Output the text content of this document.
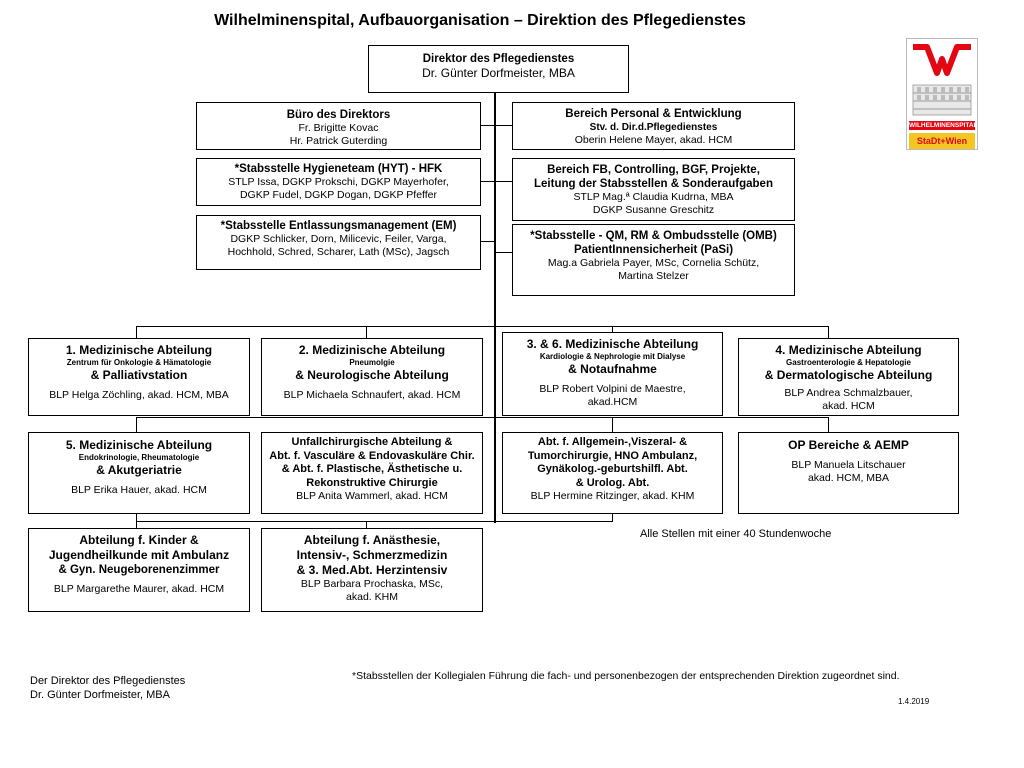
Wilhelminenspital, Aufbauorganisation – Direktion des Pflegedienstes
WILHELMINENSPITAL
StaDt+Wien
Direktor des Pflegedienstes
Dr. Günter Dorfmeister, MBA
Büro des Direktors
Fr. Brigitte Kovac
Hr. Patrick Guterding
*Stabsstelle Hygieneteam (HYT) - HFK
STLP Issa, DGKP Prokschi, DGKP Mayerhofer,
DGKP Fudel, DGKP Dogan, DGKP Pfeffer
*Stabsstelle Entlassungsmanagement (EM)
DGKP Schlicker, Dorn, Milicevic, Feiler, Varga,
Hochhold, Schred, Scharer, Lath (MSc), Jagsch
Bereich Personal & Entwicklung
Stv. d. Dir.d.Pflegedienstes
Oberin Helene Mayer, akad. HCM
Bereich FB, Controlling, BGF, Projekte,
Leitung der Stabsstellen & Sonderaufgaben
STLP Mag.ª Claudia Kudrna, MBA
DGKP Susanne Greschitz
*Stabsstelle - QM, RM & Ombudsstelle (OMB)
PatientInnensicherheit (PaSi)
Mag.a Gabriela Payer, MSc, Cornelia Schütz,
Martina Stelzer
1. Medizinische Abteilung
Zentrum für Onkologie & Hämatologie
& Palliativstation
BLP Helga Zöchling, akad. HCM, MBA
2. Medizinische Abteilung
Pneumolgie
& Neurologische Abteilung
BLP Michaela Schnaufert, akad. HCM
3. & 6. Medizinische Abteilung
Kardiologie & Nephrologie mit Dialyse
& Notaufnahme
BLP Robert Volpini de Maestre,
akad.HCM
4. Medizinische Abteilung
Gastroenterologie & Hepatologie
& Dermatologische Abteilung
BLP Andrea Schmalzbauer,
akad. HCM
5. Medizinische Abteilung
Endokrinologie, Rheumatologie
& Akutgeriatrie
BLP Erika Hauer, akad. HCM
Unfallchirurgische Abteilung &
Abt. f. Vasculäre & Endovaskuläre Chir.
& Abt. f. Plastische, Ästhetische u.
Rekonstruktive Chirurgie
BLP Anita Wammerl, akad. HCM
Abt. f. Allgemein-,Viszeral- &
Tumorchirurgie, HNO Ambulanz,
Gynäkolog.-geburtshilfl. Abt.
& Urolog. Abt.
BLP Hermine Ritzinger, akad. KHM
OP Bereiche & AEMP
BLP Manuela Litschauer
akad. HCM, MBA
Abteilung f. Kinder &
Jugendheilkunde mit Ambulanz
& Gyn. Neugeborenenzimmer
BLP Margarethe Maurer, akad. HCM
Abteilung f. Anästhesie,
Intensiv-, Schmerzmedizin
& 3. Med.Abt. Herzintensiv
BLP Barbara Prochaska, MSc,
akad. KHM
Alle Stellen mit einer 40 Stundenwoche
Der Direktor des Pflegedienstes
Dr. Günter Dorfmeister, MBA
*Stabsstellen der Kollegialen Führung die fach- und personenbezogen der entsprechenden Direktion zugeordnet sind.
1.4.2019
